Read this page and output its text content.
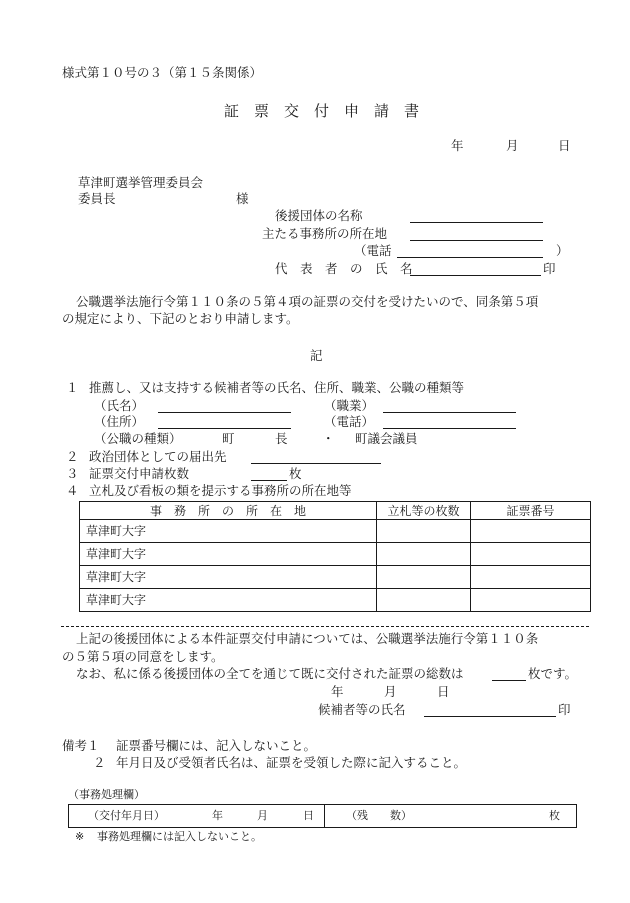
様式第１０号の３（第１５条関係）
証　票　交　付　申　請　書
年	月	日
草津町選挙管理委員会
委員長	様
後援団体の名称
主たる事務所の所在地
（電話	）
代　表　者　の　氏　名	印
公職選挙法施行令第１１０条の５第４項の証票の交付を受けたいので、同条第５項
の規定により、下記のとおり申請します。
記
１ 推薦し、又は支持する候補者等の氏名、住所、職業、公職の種類等
（氏名）	（職業）
（住所）	（電話）
（公職の種類）	町	長	・ 町議会議員
２ 政治団体としての届出先
３ 証票交付申請枚数	枚
４ 立札及び看板の類を提示する事務所の所在地等
事　務　所　の　所　在　地	立札等の枚数	証票番号
草津町大字		
草津町大字		
草津町大字		
草津町大字		
上記の後援団体による本件証票交付申請については、公職選挙法施行令第１１０条
の５第５項の同意をします。
なお、私に係る後援団体の全てを通じて既に交付された証票の総数は	枚です。
年	月	日
候補者等の氏名	印
備考１ 証票番号欄には、記入しないこと。
２ 年月日及び受領者氏名は、証票を受領した際に記入すること。
（事務処理欄）
（交付年月日）	年	月	日	（残　　数）	枚
※ 事務処理欄には記入しないこと。
